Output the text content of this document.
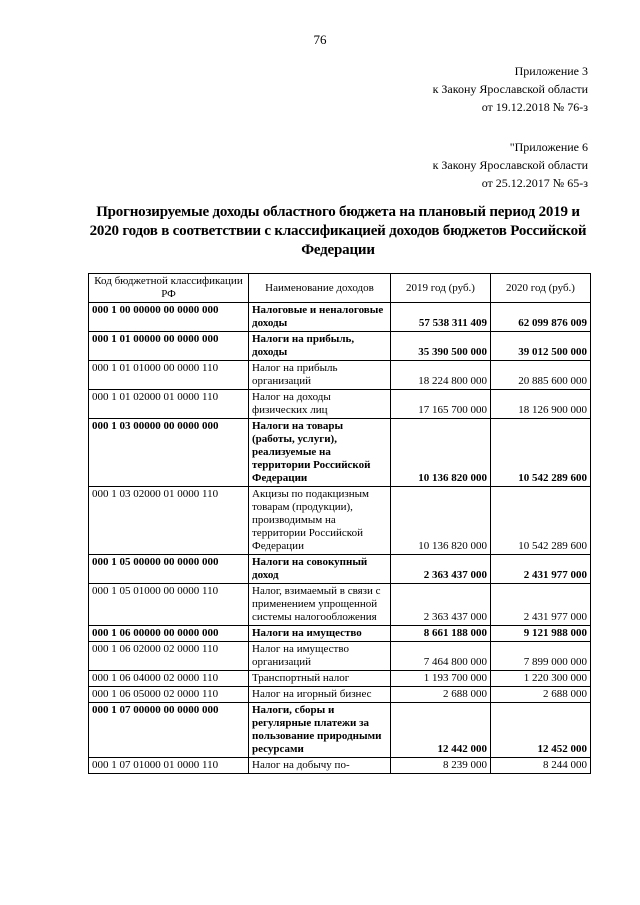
76
Приложение 3
к Закону Ярославской области
от 19.12.2018 № 76-з
"Приложение 6
к Закону Ярославской области
от 25.12.2017 № 65-з
Прогнозируемые доходы областного бюджета на плановый период 2019 и 2020 годов в соответствии с классификацией доходов бюджетов Российской Федерации
Код бюджетной классификации РФ	Наименование доходов	2019 год (руб.)	2020 год (руб.)
000 1 00 00000 00 0000 000	Налоговые и неналоговые доходы	57 538 311 409	62 099 876 009
000 1 01 00000 00 0000 000	Налоги на прибыль, доходы	35 390 500 000	39 012 500 000
000 1 01 01000 00 0000 110	Налог на прибыль организаций	18 224 800 000	20 885 600 000
000 1 01 02000 01 0000 110	Налог на доходы физических лиц	17 165 700 000	18 126 900 000
000 1 03 00000 00 0000 000	Налоги на товары (работы, услуги), реализуемые на территории Российской Федерации	10 136 820 000	10 542 289 600
000 1 03 02000 01 0000 110	Акцизы по подакцизным товарам (продукции), производимым на территории Российской Федерации	10 136 820 000	10 542 289 600
000 1 05 00000 00 0000 000	Налоги на совокупный доход	2 363 437 000	2 431 977 000
000 1 05 01000 00 0000 110	Налог, взимаемый в связи с применением упрощенной системы налогообложения	2 363 437 000	2 431 977 000
000 1 06 00000 00 0000 000	Налоги на имущество	8 661 188 000	9 121 988 000
000 1 06 02000 02 0000 110	Налог на имущество организаций	7 464 800 000	7 899 000 000
000 1 06 04000 02 0000 110	Транспортный налог	1 193 700 000	1 220 300 000
000 1 06 05000 02 0000 110	Налог на игорный бизнес	2 688 000	2 688 000
000 1 07 00000 00 0000 000	Налоги, сборы и регулярные платежи за пользование природными ресурсами	12 442 000	12 452 000
000 1 07 01000 01 0000 110	Налог на добычу по-	8 239 000	8 244 000
